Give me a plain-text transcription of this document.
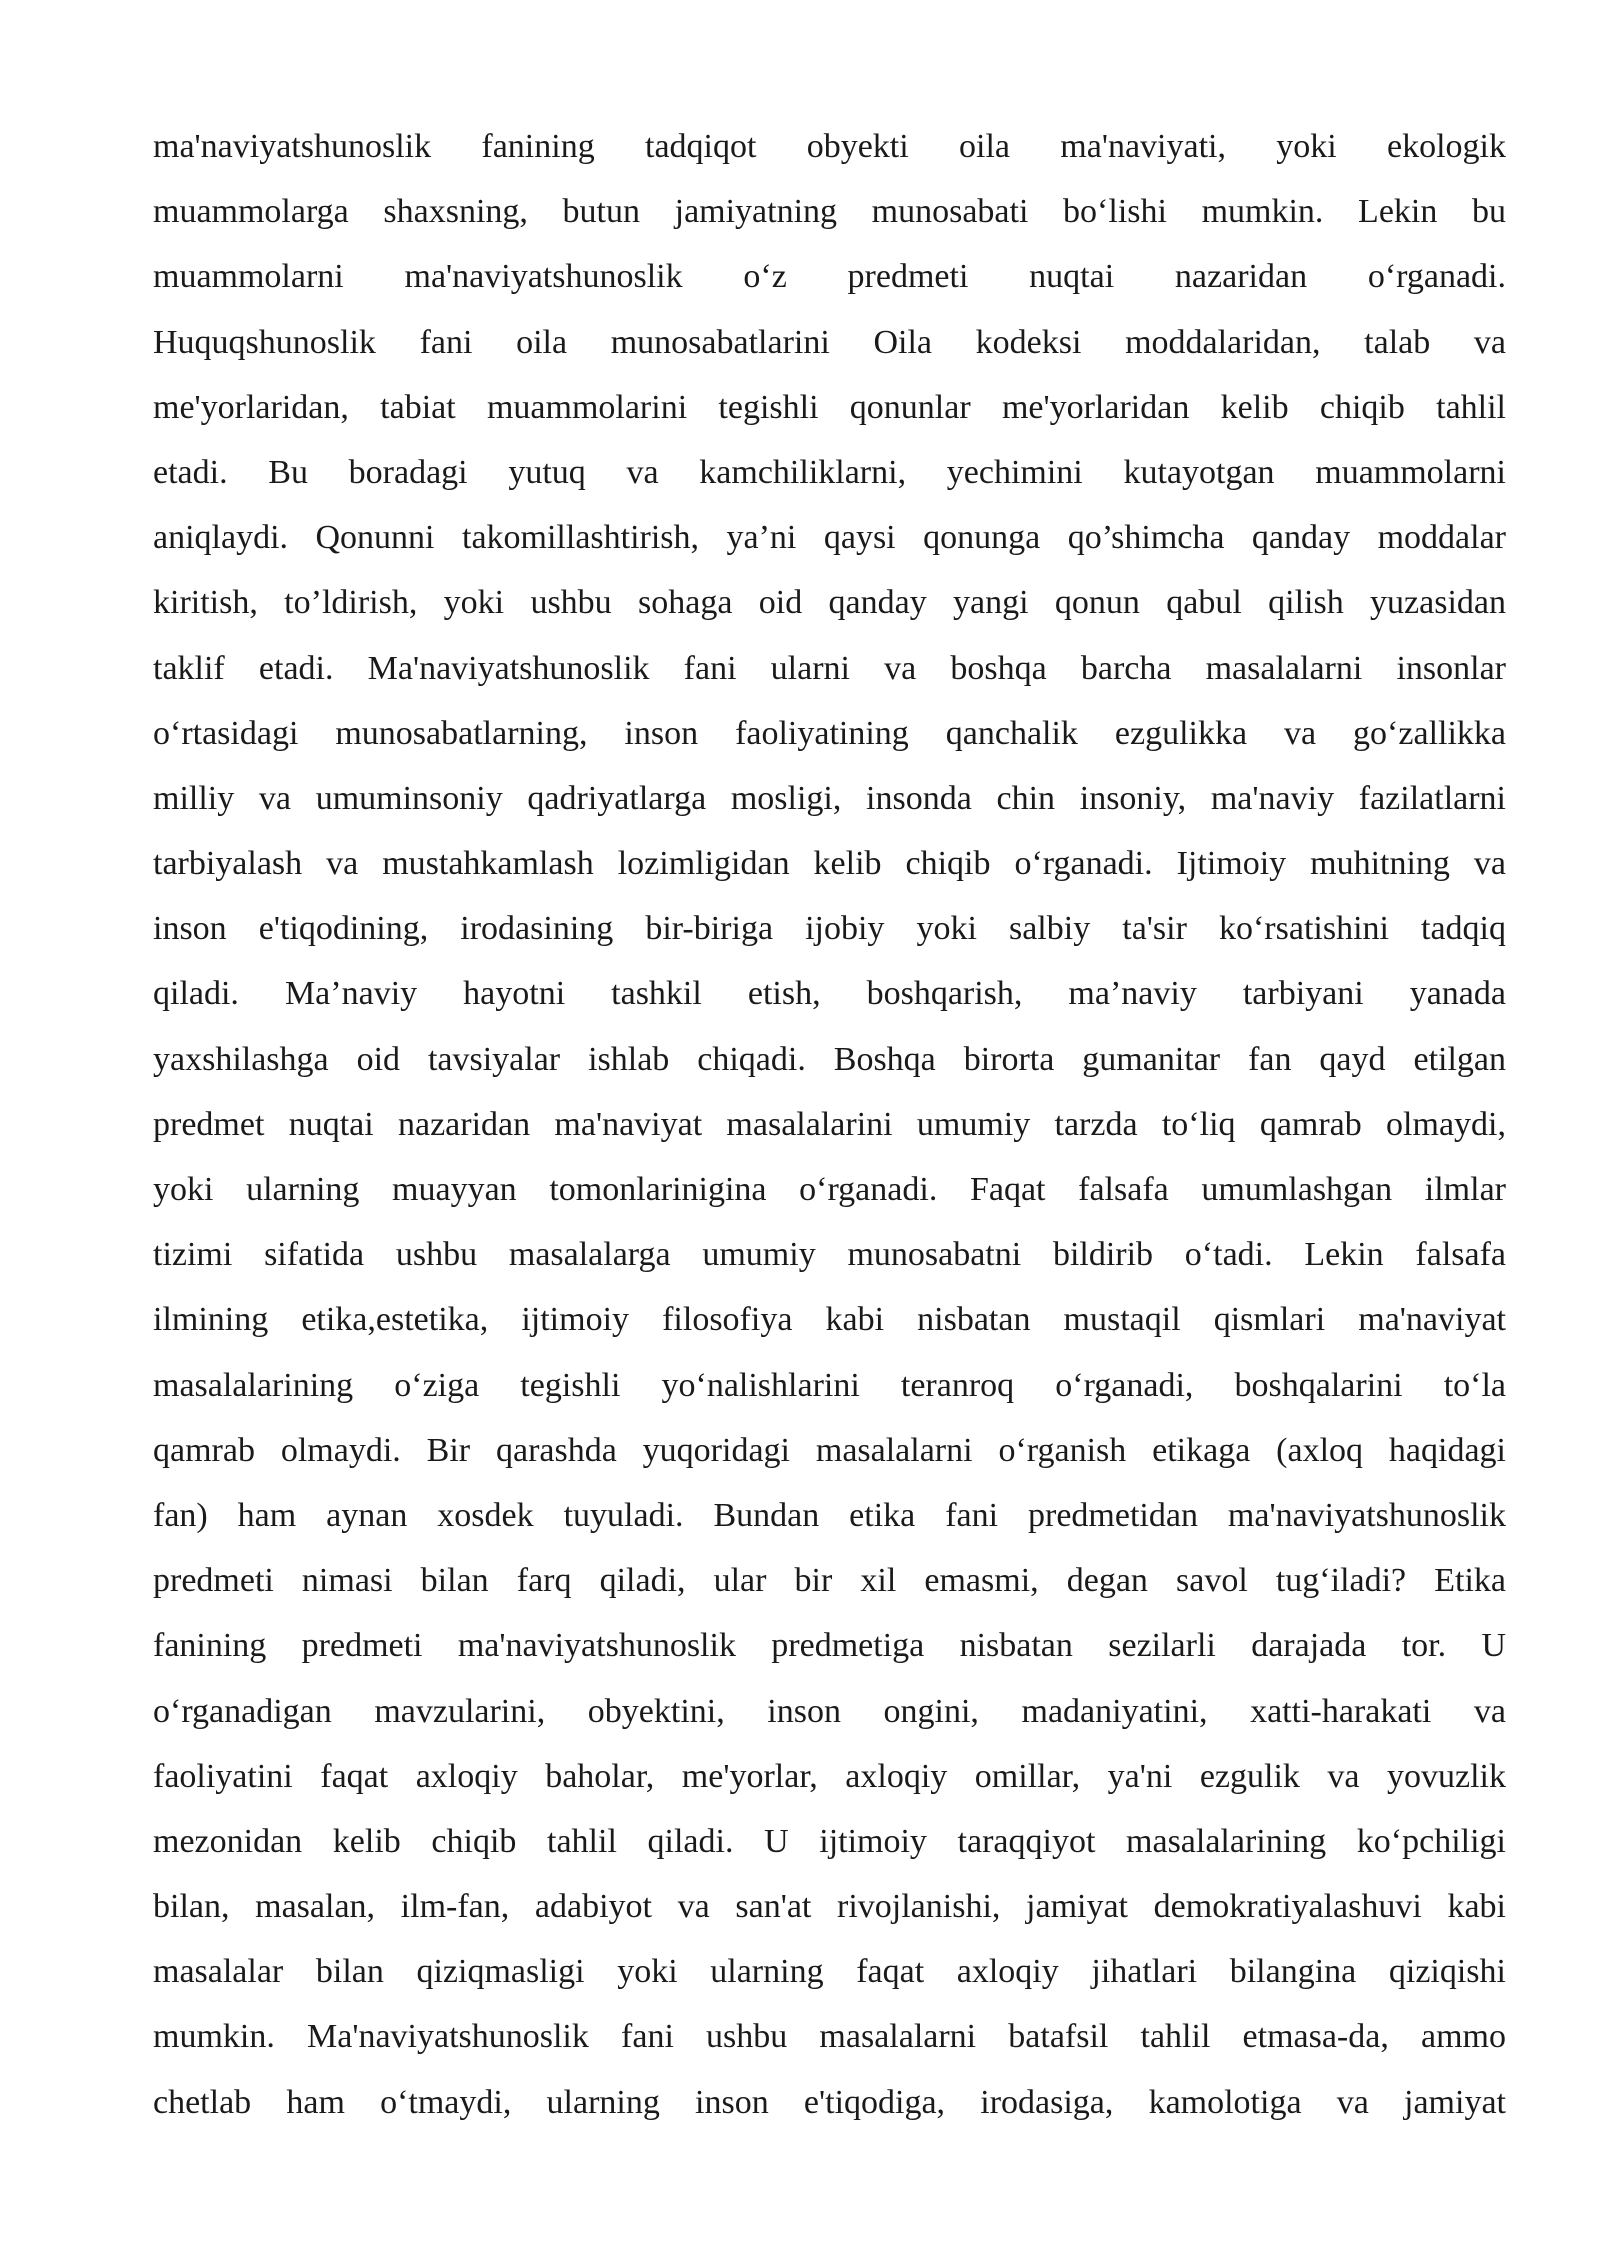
ma'naviyatshunoslik fanining tadqiqot obyekti oila ma'naviyati, yoki ekologik
muammolarga shaxsning, butun jamiyatning munosabati bo‘lishi mumkin. Lekin bu
muammolarni ma'naviyatshunoslik o‘z predmeti nuqtai nazaridan o‘rganadi.
Huquqshunoslik fani oila munosabatlarini Oila kodeksi moddalaridan, talab va
me'yorlaridan, tabiat muammolarini tegishli qonunlar me'yorlaridan kelib chiqib tahlil
etadi. Bu boradagi yutuq va kamchiliklarni, yechimini kutayotgan muammolarni
aniqlaydi. Qonunni takomillashtirish, ya’ni qaysi qonunga qo’shimcha qanday moddalar
kiritish, to’ldirish, yoki ushbu sohaga oid qanday yangi qonun qabul qilish yuzasidan
taklif etadi. Ma'naviyatshunoslik fani ularni va boshqa barcha masalalarni insonlar
o‘rtasidagi munosabatlarning, inson faoliyatining qanchalik ezgulikka va go‘zallikka
milliy va umuminsoniy qadriyatlarga mosligi, insonda chin insoniy, ma'naviy fazilatlarni
tarbiyalash va mustahkamlash lozimligidan kelib chiqib o‘rganadi. Ijtimoiy muhitning va
inson e'tiqodining, irodasining bir-biriga ijobiy yoki salbiy ta'sir ko‘rsatishini tadqiq
qiladi. Ma’naviy hayotni tashkil etish, boshqarish, ma’naviy tarbiyani yanada
yaxshilashga oid tavsiyalar ishlab chiqadi. Boshqa birorta gumanitar fan qayd etilgan
predmet nuqtai nazaridan ma'naviyat masalalarini umumiy tarzda to‘liq qamrab olmaydi,
yoki ularning muayyan tomonlarinigina o‘rganadi. Faqat falsafa umumlashgan ilmlar
tizimi sifatida ushbu masalalarga umumiy munosabatni bildirib o‘tadi. Lekin falsafa
ilmining etika,estetika, ijtimoiy filosofiya kabi nisbatan mustaqil qismlari ma'naviyat
masalalarining o‘ziga tegishli yo‘nalishlarini teranroq o‘rganadi, boshqalarini to‘la
qamrab olmaydi. Bir qarashda yuqoridagi masalalarni o‘rganish etikaga (axloq haqidagi
fan) ham aynan xosdek tuyuladi. Bundan etika fani predmetidan ma'naviyatshunoslik
predmeti nimasi bilan farq qiladi, ular bir xil emasmi, degan savol tug‘iladi? Etika
fanining predmeti ma'naviyatshunoslik predmetiga nisbatan sezilarli darajada tor. U
o‘rganadigan mavzularini, obyektini, inson ongini, madaniyatini, xatti-harakati va
faoliyatini faqat axloqiy baholar, me'yorlar, axloqiy omillar, ya'ni ezgulik va yovuzlik
mezonidan kelib chiqib tahlil qiladi. U ijtimoiy taraqqiyot masalalarining ko‘pchiligi
bilan, masalan, ilm-fan, adabiyot va san'at rivojlanishi, jamiyat demokratiyalashuvi kabi
masalalar bilan qiziqmasligi yoki ularning faqat axloqiy jihatlari bilangina qiziqishi
mumkin. Ma'naviyatshunoslik fani ushbu masalalarni batafsil tahlil etmasa-da, ammo
chetlab ham o‘tmaydi, ularning inson e'tiqodiga, irodasiga, kamolotiga va jamiyat
